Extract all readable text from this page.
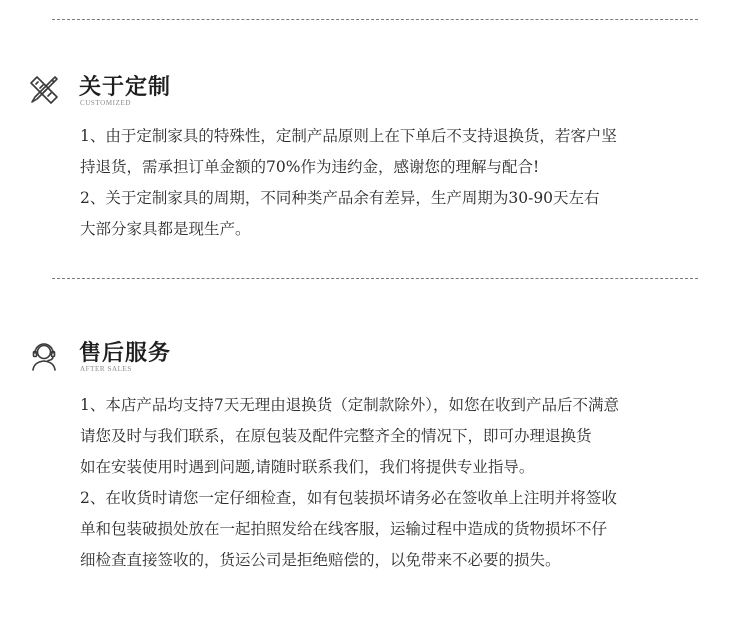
关于定制
CUSTOMIZED
1、由于定制家具的特殊性，定制产品原则上在下单后不支持退换货，若客户坚
持退货，需承担订单金额的70%作为违约金，感谢您的理解与配合!
2、关于定制家具的周期，不同种类产品余有差异，生产周期为30-90天左右
大部分家具都是现生产。
售后服务
AFTER SALES
1、本店产品均支持7天无理由退换货（定制款除外），如您在收到产品后不满意
请您及时与我们联系，在原包装及配件完整齐全的情况下，即可办理退换货
如在安装使用时遇到问题,请随时联系我们，我们将提供专业指导。
2、在收货时请您一定仔细检查，如有包装损坏请务必在签收单上注明并将签收
单和包装破损处放在一起拍照发给在线客服，运输过程中造成的货物损坏不仔
细检查直接签收的，货运公司是拒绝赔偿的，以免带来不必要的损失。
